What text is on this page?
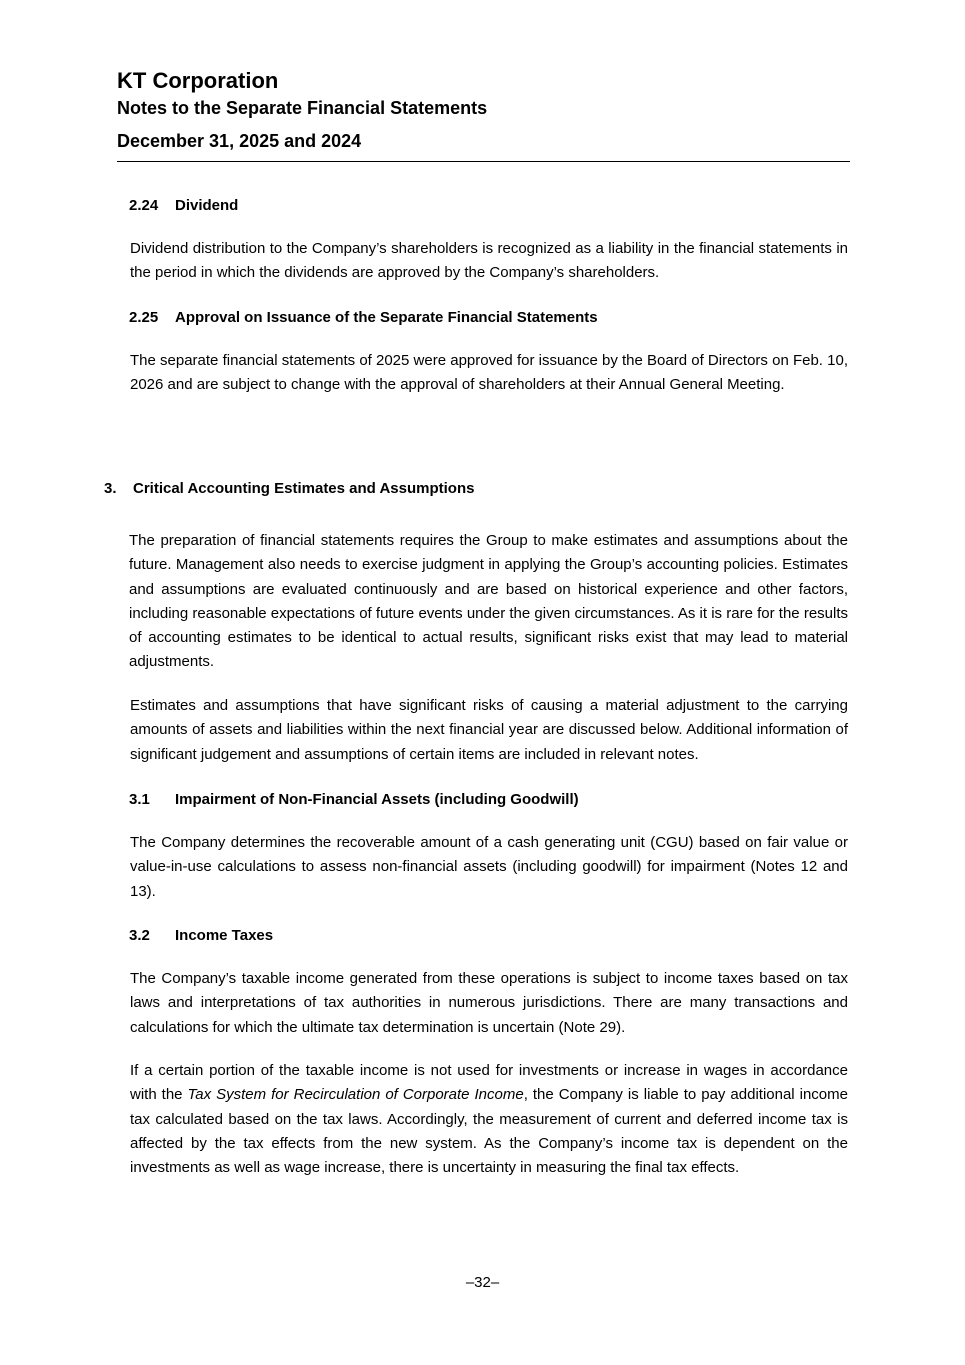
KT Corporation
Notes to the Separate Financial Statements
December 31, 2025 and 2024
2.24 Dividend
Dividend distribution to the Company’s shareholders is recognized as a liability in the financial statements in the period in which the dividends are approved by the Company’s shareholders.
2.25 Approval on Issuance of the Separate Financial Statements
The separate financial statements of 2025 were approved for issuance by the Board of Directors on Feb. 10, 2026 and are subject to change with the approval of shareholders at their Annual General Meeting.
3. Critical Accounting Estimates and Assumptions
The preparation of financial statements requires the Group to make estimates and assumptions about the future. Management also needs to exercise judgment in applying the Group’s accounting policies. Estimates and assumptions are evaluated continuously and are based on historical experience and other factors, including reasonable expectations of future events under the given circumstances. As it is rare for the results of accounting estimates to be identical to actual results, significant risks exist that may lead to material adjustments.
Estimates and assumptions that have significant risks of causing a material adjustment to the carrying amounts of assets and liabilities within the next financial year are discussed below. Additional information of significant judgement and assumptions of certain items are included in relevant notes.
3.1 Impairment of Non-Financial Assets (including Goodwill)
The Company determines the recoverable amount of a cash generating unit (CGU) based on fair value or value-in-use calculations to assess non-financial assets (including goodwill) for impairment (Notes 12 and 13).
3.2 Income Taxes
The Company’s taxable income generated from these operations is subject to income taxes based on tax laws and interpretations of tax authorities in numerous jurisdictions. There are many transactions and calculations for which the ultimate tax determination is uncertain (Note 29).
If a certain portion of the taxable income is not used for investments or increase in wages in accordance with the Tax System for Recirculation of Corporate Income, the Company is liable to pay additional income tax calculated based on the tax laws. Accordingly, the measurement of current and deferred income tax is affected by the tax effects from the new system. As the Company’s income tax is dependent on the investments as well as wage increase, there is uncertainty in measuring the final tax effects.
–32–
